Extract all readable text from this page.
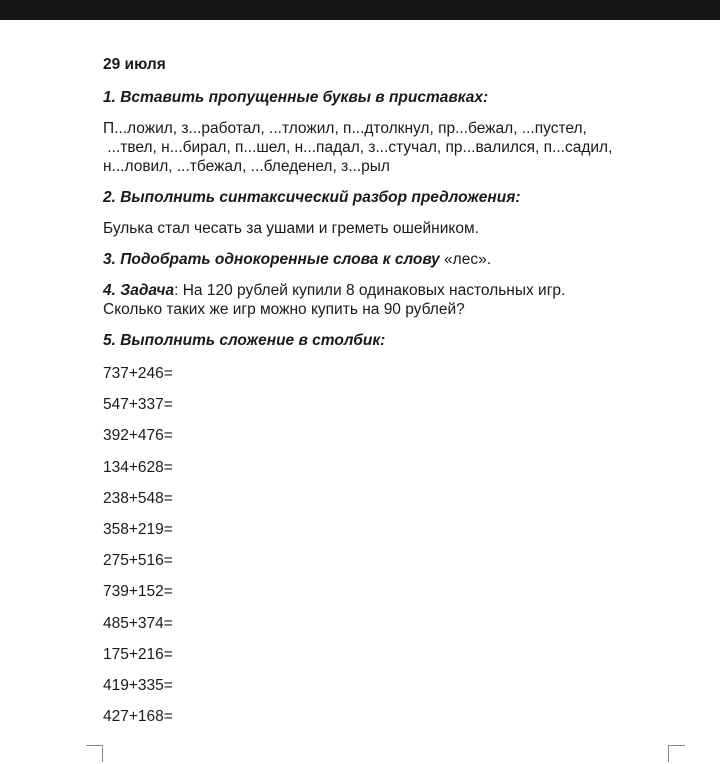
29 июля
1. Вставить пропущенные буквы в приставках:
П...ложил, з...работал, ...тложил, п...дтолкнул, пр...бежал, ...пустел,
...твел, н...бирал, п...шел, н...падал, з...стучал, пр...валился, п...садил,
н...ловил, ...тбежал, ...бледенел, з...рыл
2. Выполнить синтаксический разбор предложения:
Булька стал чесать за ушами и греметь ошейником.
3. Подобрать однокоренные слова к слову «лес».
4. Задача: На 120 рублей купили 8 одинаковых настольных игр.
Сколько таких же игр можно купить на 90 рублей?
5. Выполнить сложение в столбик:
737+246=
547+337=
392+476=
134+628=
238+548=
358+219=
275+516=
739+152=
485+374=
175+216=
419+335=
427+168=
